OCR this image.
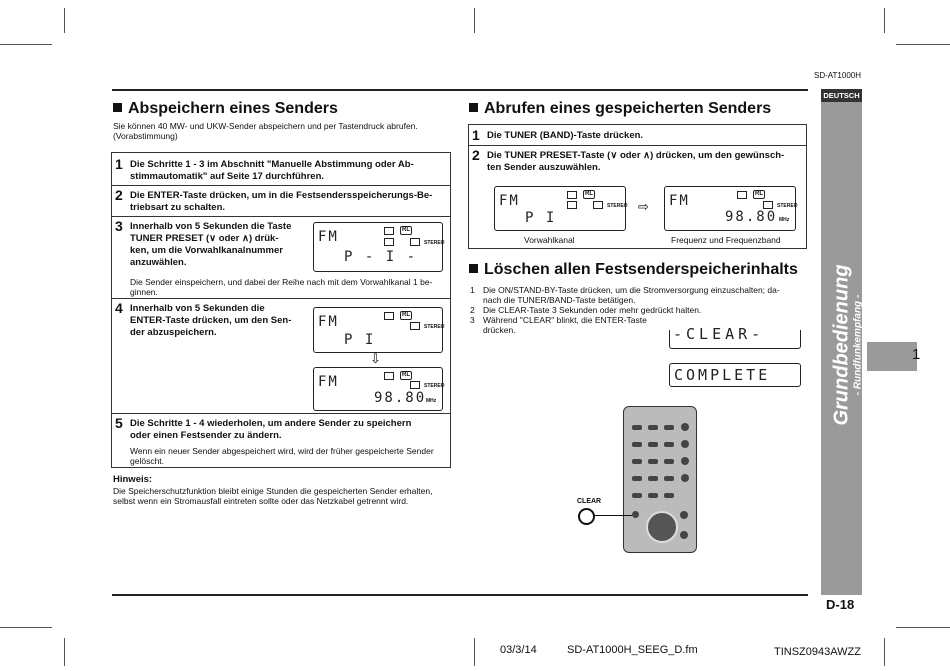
SD-AT1000H
DEUTSCH
1
Grundbedienung - Rundfunkempfang -
Abspeichern eines Senders
Sie können 40 MW- und UKW-Sender abspeichern und per Tastendruck abrufen.
(Vorabstimmung)
1 Die Schritte 1 - 3 im Abschnitt "Manuelle Abstimmung oder Ab-
stimmautomatik" auf Seite 17 durchführen.
2 Die ENTER-Taste drücken, um in die Festsendersspeicherungs-Be-
triebsart zu schalten.
3 Innerhalb von 5 Sekunden die Taste
TUNER PRESET (∨ oder ∧) drük-
ken, um die Vorwahlkanalnummer
anzuwählen.
Die Sender einspeichern, und dabei der Reihe nach mit dem Vorwahlkanal 1 be-
ginnen.
4 Innerhalb von 5 Sekunden die
ENTER-Taste drücken, um den Sen-
der abzuspeichern.
5 Die Schritte 1 - 4 wiederholen, um andere Sender zu speichern
oder einen Festsender zu ändern.
Wenn ein neuer Sender abgespeichert wird, wird der früher gespeicherte Sender
gelöscht.
FM
P - I -
RL
STEREO
FM
P I
RL
STEREO
⇩
FM
98.80 MHz
RL
STEREO
Hinweis:
Die Speicherschutzfunktion bleibt einige Stunden die gespeicherten Sender erhalten,
selbst wenn ein Stromausfall eintreten sollte oder das Netzkabel getrennt wird.
Abrufen eines gespeicherten Senders
1 Die TUNER (BAND)-Taste drücken.
2 Die TUNER PRESET-Taste (∨ oder ∧) drücken, um den gewünsch-
ten Sender auszuwählen.
Vorwahlkanal	Frequenz und Frequenzband
FM
P I
RL
STEREO ⇨ FM
98.80 MHz
RL
STEREO
Löschen allen Festsenderspeicherinhalts
1 Die ON/STAND-BY-Taste drücken, um die Stromversorgung einzuschalten; da-
nach die TUNER/BAND-Taste betätigen.
2 Die CLEAR-Taste 3 Sekunden oder mehr gedrückt halten.
3 Während "CLEAR" blinkt, die ENTER-Taste
drücken.	-CLEAR-
COMPLETE
CLEAR
D-18
03/3/14	SD-AT1000H_SEEG_D.fm	TINSZ0943AWZZ
